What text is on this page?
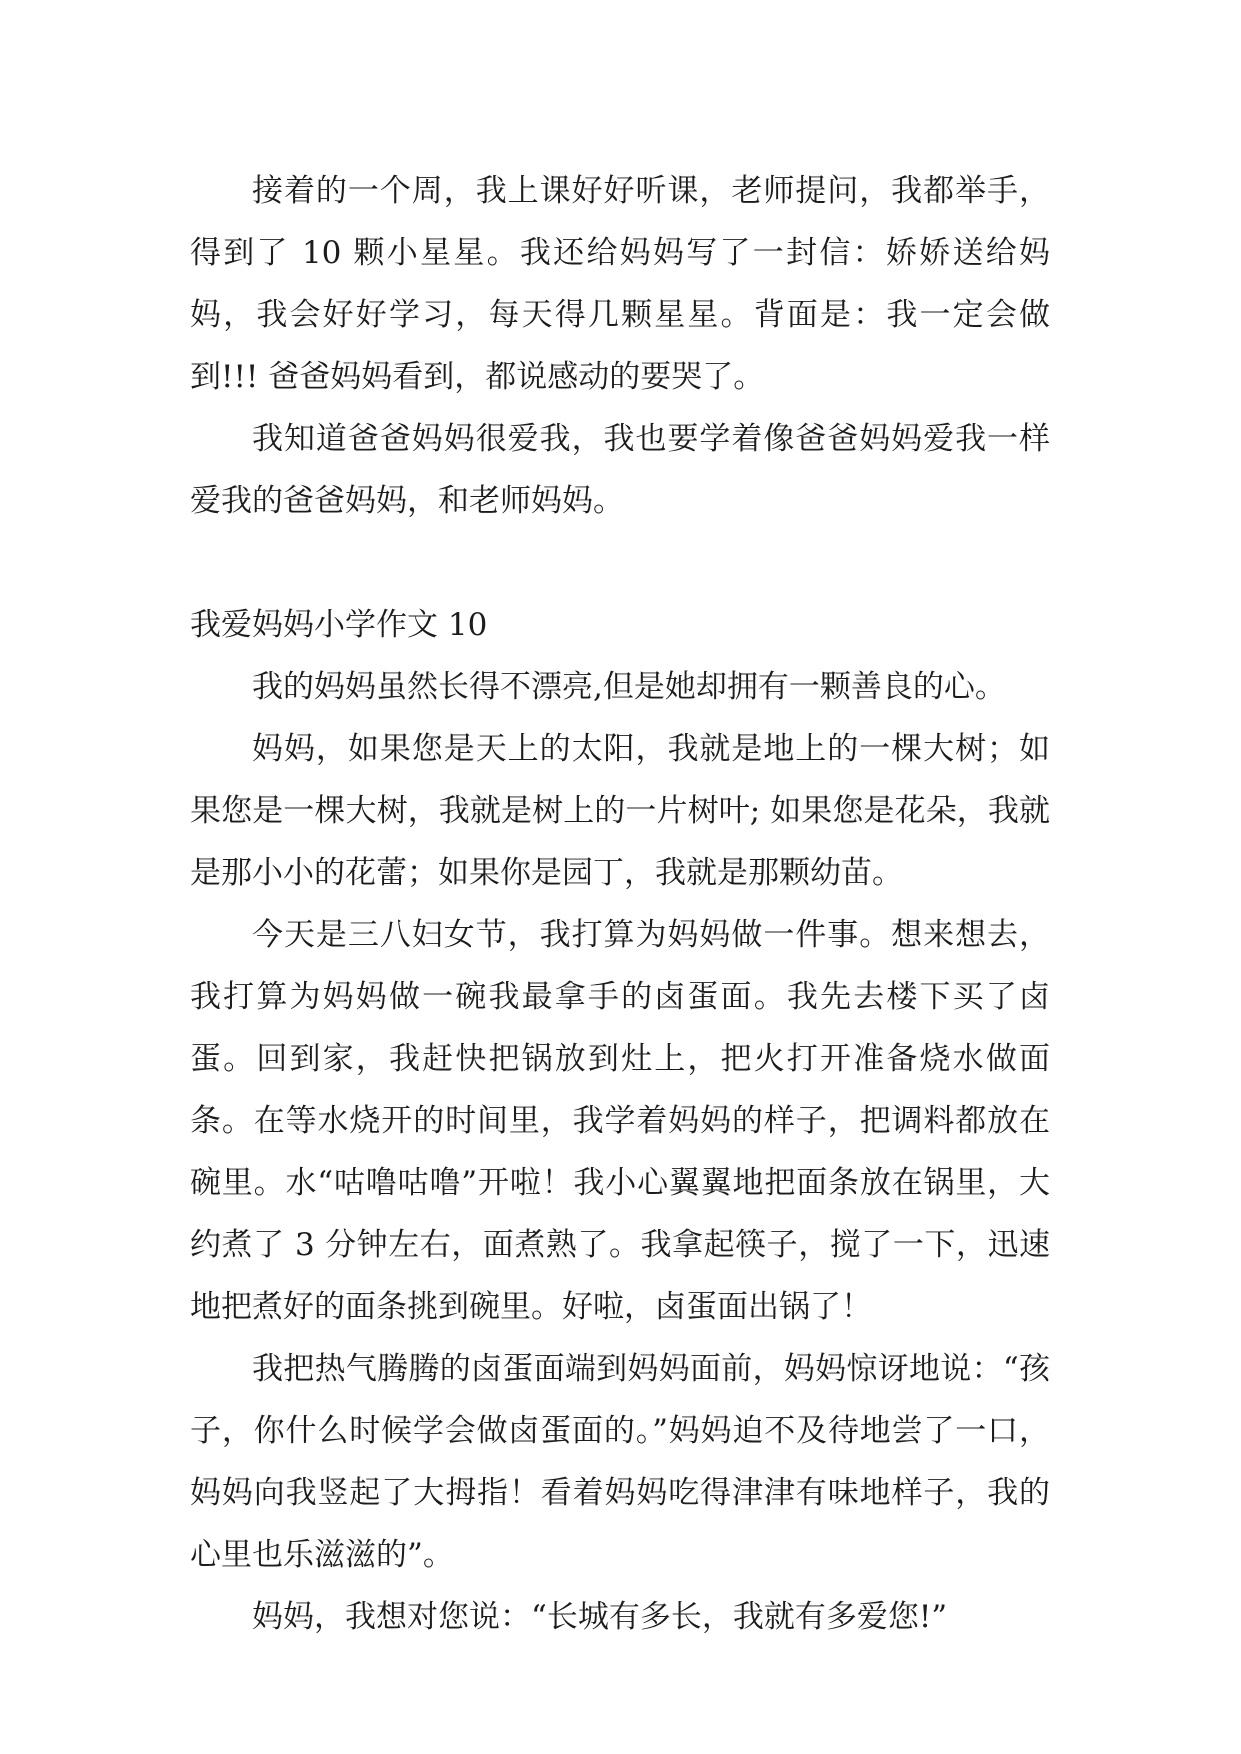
接着的一个周，我上课好好听课，老师提问，我都举手，得到了 10 颗小星星。我还给妈妈写了一封信：娇娇送给妈妈，我会好好学习，每天得几颗星星。背面是：我一定会做到!!! 爸爸妈妈看到，都说感动的要哭了。

我知道爸爸妈妈很爱我，我也要学着像爸爸妈妈爱我一样爱我的爸爸妈妈，和老师妈妈。

我爱妈妈小学作文 10

我的妈妈虽然长得不漂亮,但是她却拥有一颗善良的心。

妈妈，如果您是天上的太阳，我就是地上的一棵大树；如果您是一棵大树，我就是树上的一片树叶; 如果您是花朵，我就是那小小的花蕾；如果你是园丁，我就是那颗幼苗。

今天是三八妇女节，我打算为妈妈做一件事。想来想去，我打算为妈妈做一碗我最拿手的卤蛋面。我先去楼下买了卤蛋。回到家，我赶快把锅放到灶上，把火打开准备烧水做面条。在等水烧开的时间里，我学着妈妈的样子，把调料都放在碗里。水“咕噜咕噜”开啦！我小心翼翼地把面条放在锅里，大约煮了 3 分钟左右，面煮熟了。我拿起筷子，搅了一下，迅速地把煮好的面条挑到碗里。好啦，卤蛋面出锅了！

我把热气腾腾的卤蛋面端到妈妈面前，妈妈惊讶地说：“孩子，你什么时候学会做卤蛋面的。”妈妈迫不及待地尝了一口，妈妈向我竖起了大拇指！看着妈妈吃得津津有味地样子，我的心里也乐滋滋的”。

妈妈，我想对您说：“长城有多长，我就有多爱您!”
